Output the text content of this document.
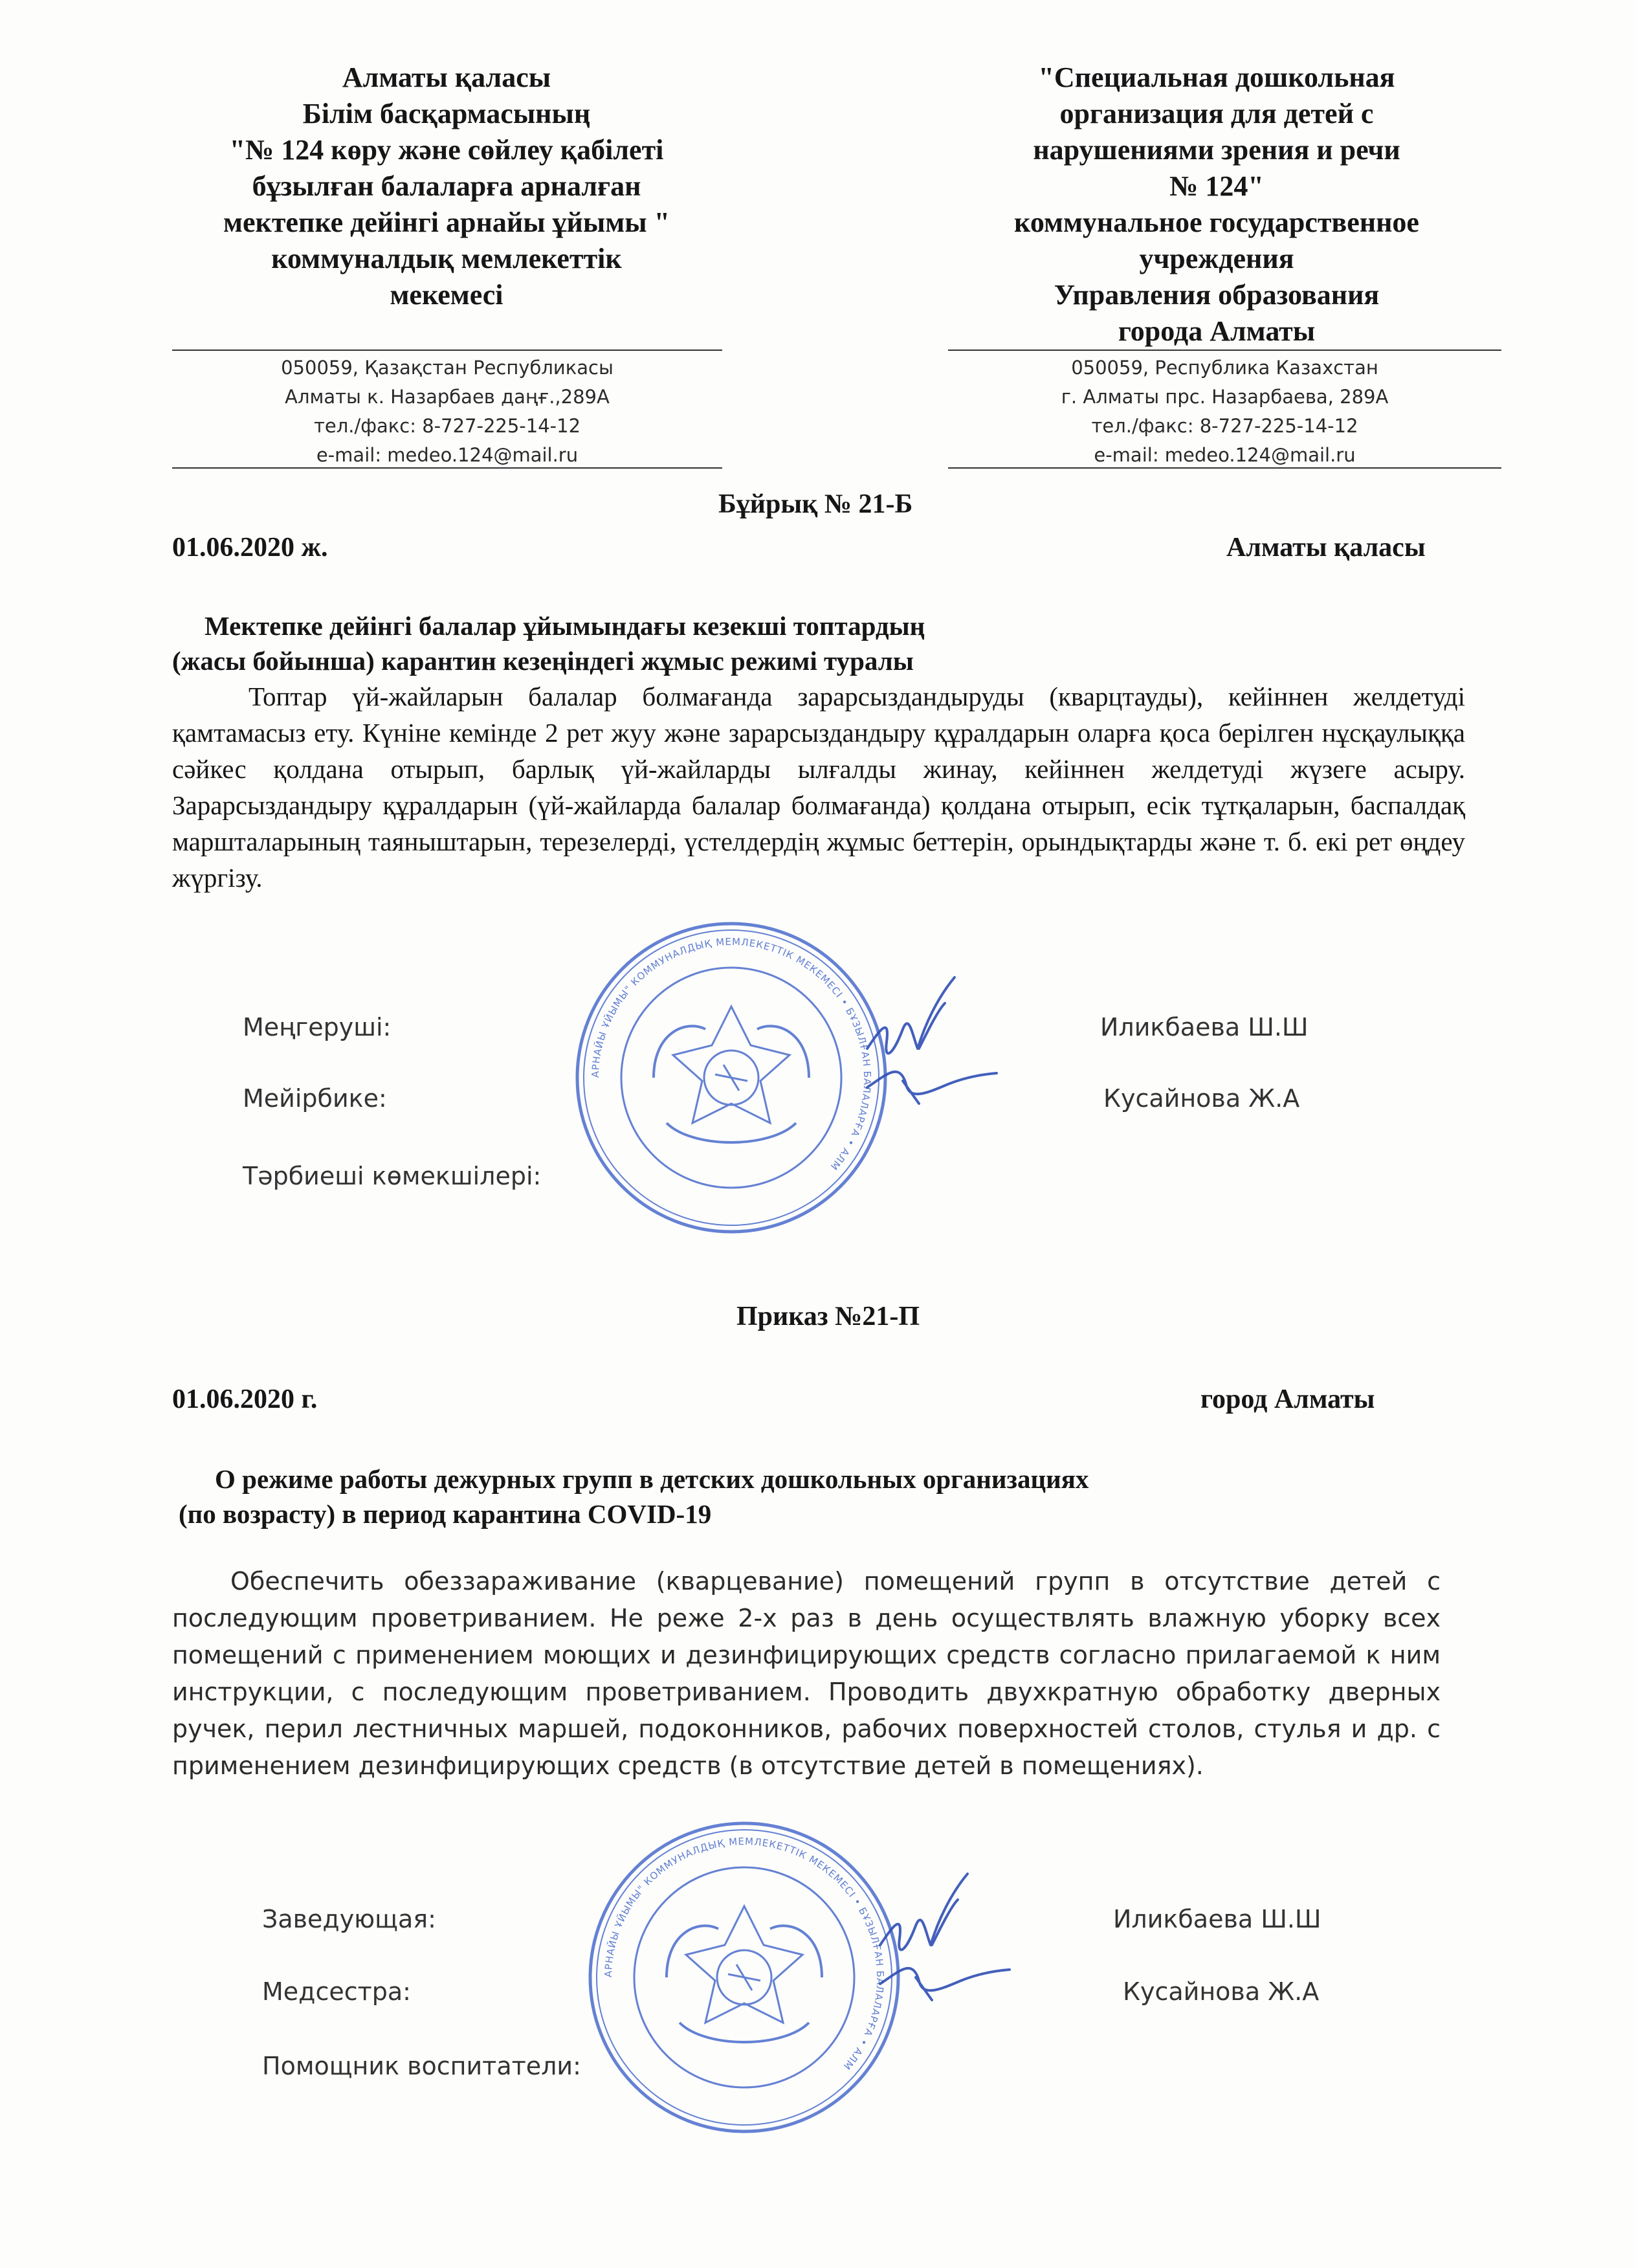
Алматы қаласы
Білім басқармасының
"№ 124 көру және сөйлеу қабілеті
бұзылған балаларға арналған
мектепке дейінгі арнайы ұйымы "
коммуналдық мемлекеттік
мекемесі
"Специальная дошкольная
организация для детей с
нарушениями зрения и речи
№ 124"
коммунальное государственное
учреждения
Управления образования
города Алматы
050059, Қазақстан Республикасы
Алматы к. Назарбаев даңғ.,289А
тел./факс: 8-727-225-14-12
e-mail: medeo.124@mail.ru
050059, Республика Казахстан
г. Алматы прс. Назарбаева, 289А
тел./факс: 8-727-225-14-12
e-mail: medeo.124@mail.ru
Бұйрық № 21-Б
01.06.2020 ж.	Алматы қаласы
Мектепке дейінгі балалар ұйымындағы кезекші топтардың
(жасы бойынша) карантин кезеңіндегі жұмыс режимі туралы
Топтар үй-жайларын балалар болмағанда зарарсыздандыруды (кварцтауды), кейіннен желдетуді қамтамасыз ету. Күніне кемінде 2 рет жуу және зарарсыздандыру құралдарын оларға қоса берілген нұсқаулыққа сәйкес қолдана отырып, барлық үй-жайларды ылғалды жинау, кейіннен желдетуді жүзеге асыру. Зарарсыздандыру құралдарын (үй-жайларда балалар болмағанда) қолдана отырып, есік тұтқаларын, баспалдақ маршталарының таяныштарын, терезелерді, үстелдердің жұмыс беттерін, орындықтарды және т. б. екі рет өңдеу жүргізу.
Меңгеруші:	Иликбаева Ш.Ш
Мейірбике:	Кусайнова Ж.А
Тәрбиеші көмекшілері:
АРНАЙЫ ҰЙЫМЫ" КОММУНАЛДЫҚ МЕМЛЕКЕТТІК МЕКЕМЕСІ • БҰЗЫЛҒАН БАЛАЛАРҒА • АЛМ
Приказ №21-П
01.06.2020 г.	город Алматы
О режиме работы дежурных групп в детских дошкольных организациях
(по возрасту) в период карантина COVID-19
Обеспечить обеззараживание (кварцевание) помещений групп в отсутствие детей с последующим проветриванием. Не реже 2-х раз в день осуществлять влажную уборку всех помещений с применением моющих и дезинфицирующих средств согласно прилагаемой к ним инструкции, с последующим проветриванием. Проводить двухкратную обработку дверных ручек, перил лестничных маршей, подоконников, рабочих поверхностей столов, стулья и др. с применением дезинфицирующих средств (в отсутствие детей в помещениях).
Заведующая:	Иликбаева Ш.Ш
Медсестра:	Кусайнова Ж.А
Помощник воспитатели:
АРНАЙЫ ҰЙЫМЫ" КОММУНАЛДЫҚ МЕМЛЕКЕТТІК МЕКЕМЕСІ • БҰЗЫЛҒАН БАЛАЛАРҒА • АЛМ
